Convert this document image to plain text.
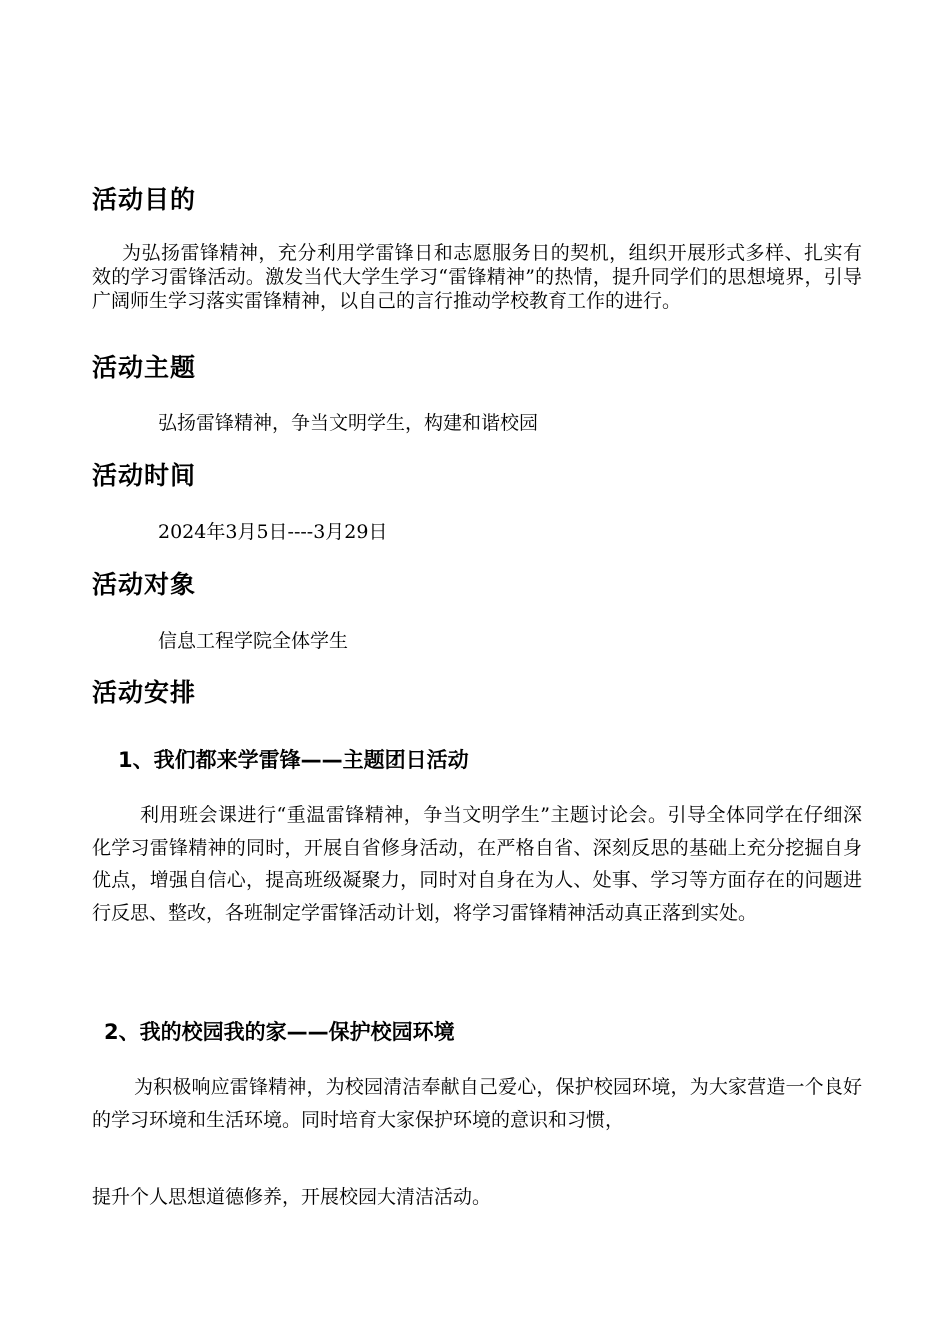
活动目的

为弘扬雷锋精神，充分利用学雷锋日和志愿服务日的契机，组织开展形式多样、扎实有效的学习雷锋活动。激发当代大学生学习“雷锋精神”的热情，提升同学们的思想境界，引导广阔师生学习落实雷锋精神，以自己的言行推动学校教育工作的进行。

活动主题

弘扬雷锋精神，争当文明学生，构建和谐校园

活动时间

2024年3月5日----3月29日

活动对象

信息工程学院全体学生

活动安排
1、我们都来学雷锋——主题团日活动

利用班会课进行“重温雷锋精神，争当文明学生”主题讨论会。引导全体同学在仔细深化学习雷锋精神的同时，开展自省修身活动，在严格自省、深刻反思的基础上充分挖掘自身优点，增强自信心，提高班级凝聚力，同时对自身在为人、处事、学习等方面存在的问题进行反思、整改，各班制定学雷锋活动计划，将学习雷锋精神活动真正落到实处。

2、我的校园我的家——保护校园环境

为积极响应雷锋精神，为校园清洁奉献自己爱心，保护校园环境，为大家营造一个良好的学习环境和生活环境。同时培育大家保护环境的意识和习惯，

提升个人思想道德修养，开展校园大清洁活动。
